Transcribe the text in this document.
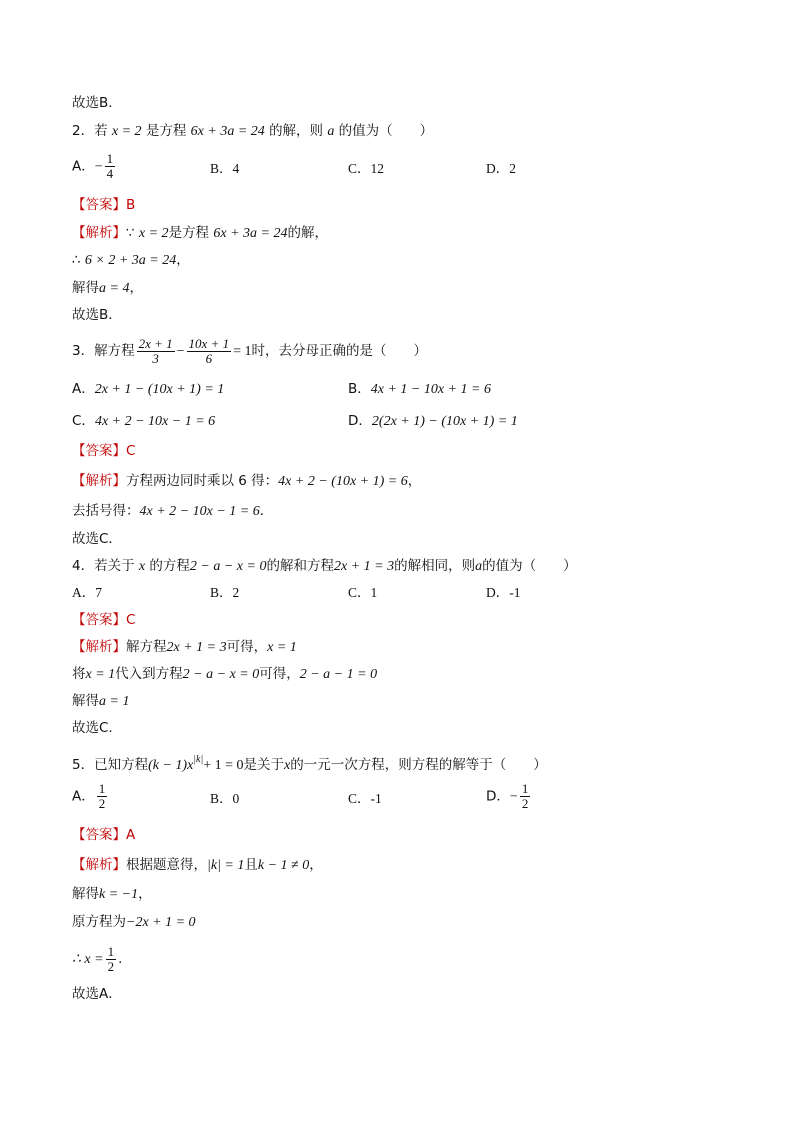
故选B．
2．若 x = 2 是方程 6x + 3a = 24 的解，则 a 的值为（　　）
A．− $\frac{1}{4}$	B．4	C．12	D．2
【答案】B
【解析】∵ x = 2是方程 6x + 3a = 24的解，
∴ 6 × 2 + 3a = 24，
解得a = 4，
故选B．
3．解方程 $\frac{2x + 1}{3} - \frac{10x + 1}{6} = 1$时，去分母正确的是（　　）
A．2x + 1 − (10x + 1) = 1	B．4x + 1 − 10x + 1 = 6
C．4x + 2 − 10x − 1 = 6	D．2(2x + 1) − (10x + 1) = 1
【答案】C
【解析】方程两边同时乘以 6 得：4x + 2 − (10x + 1) = 6，
去括号得：4x + 2 − 10x − 1 = 6．
故选C．
4．若关于 x 的方程2 − a − x = 0的解和方程2x + 1 = 3的解相同，则a的值为（　　）
A．7	B．2	C．1	D．-1
【答案】C
【解析】解方程2x + 1 = 3可得，x = 1
将x = 1代入到方程2 − a − x = 0可得，2 − a − 1 = 0
解得a = 1
故选C.
5．已知方程$(k - 1)x^{|k|}+ 1 = 0$是关于x的一元一次方程，则方程的解等于（　　）
A． $\frac{1}{2}$	B．0	C．-1	D．− $\frac{1}{2}$
【答案】A
【解析】根据题意得，|k| = 1且k − 1 ≠ 0，
解得k = −1，
原方程为−2x + 1 = 0
∴ $x = \frac{1}{2}$ .
故选A．
